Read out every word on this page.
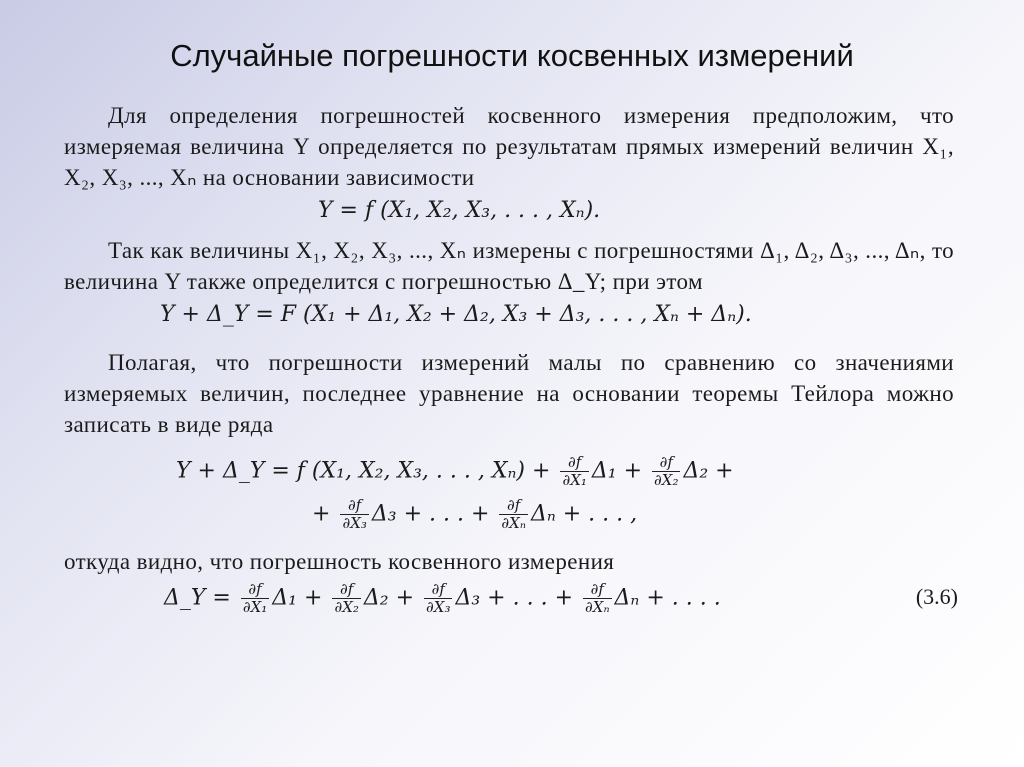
Случайные погрешности косвенных измерений

Для определения погрешностей косвенного измерения предположим, что измеряемая величина Y определяется по результатам прямых измерений величин X₁, X₂, X₃, ..., Xₙ на основании зависимости

Y = f (X₁, X₂, X₃, . . . , Xₙ).

Так как величины X₁, X₂, X₃, ..., Xₙ измерены с погрешностями Δ₁, Δ₂, Δ₃, ..., Δₙ, то величина Y также определится с погрешностью Δ_Y; при этом

Y + Δ_Y = F (X₁ + Δ₁, X₂ + Δ₂, X₃ + Δ₃, . . . , Xₙ + Δₙ).

Полагая, что погрешности измерений малы по сравнению со значениями измеряемых величин, последнее уравнение на основании теоремы Тейлора можно записать в виде ряда

Y + Δ_Y = f (X₁, X₂, X₃, . . . , $X_n) + \frac{\partial f}{\text{∂X₁}} \Delta_1 + \frac{\partial f}{\text{∂X₂}} \Delta_2$ +
+ $\frac{\partial f}{\text{∂X₃}} \Delta_3$ + . . . + $\frac{\partial f}{\text{∂Xₙ}}$ Δₙ + . . . ,

откуда видно, что погрешность косвенного измерения

Δ_Y = $\frac{\partial f}{\text{∂X₁}} \Delta_1 + \frac{\partial f}{\text{∂X₂}} \Delta_2 + \frac{\partial f}{\text{∂X₃}} \Delta_3$ + . . . + $\frac{\partial f}{\text{∂Xₙ}}$ Δₙ + . . . .	(3.6)
